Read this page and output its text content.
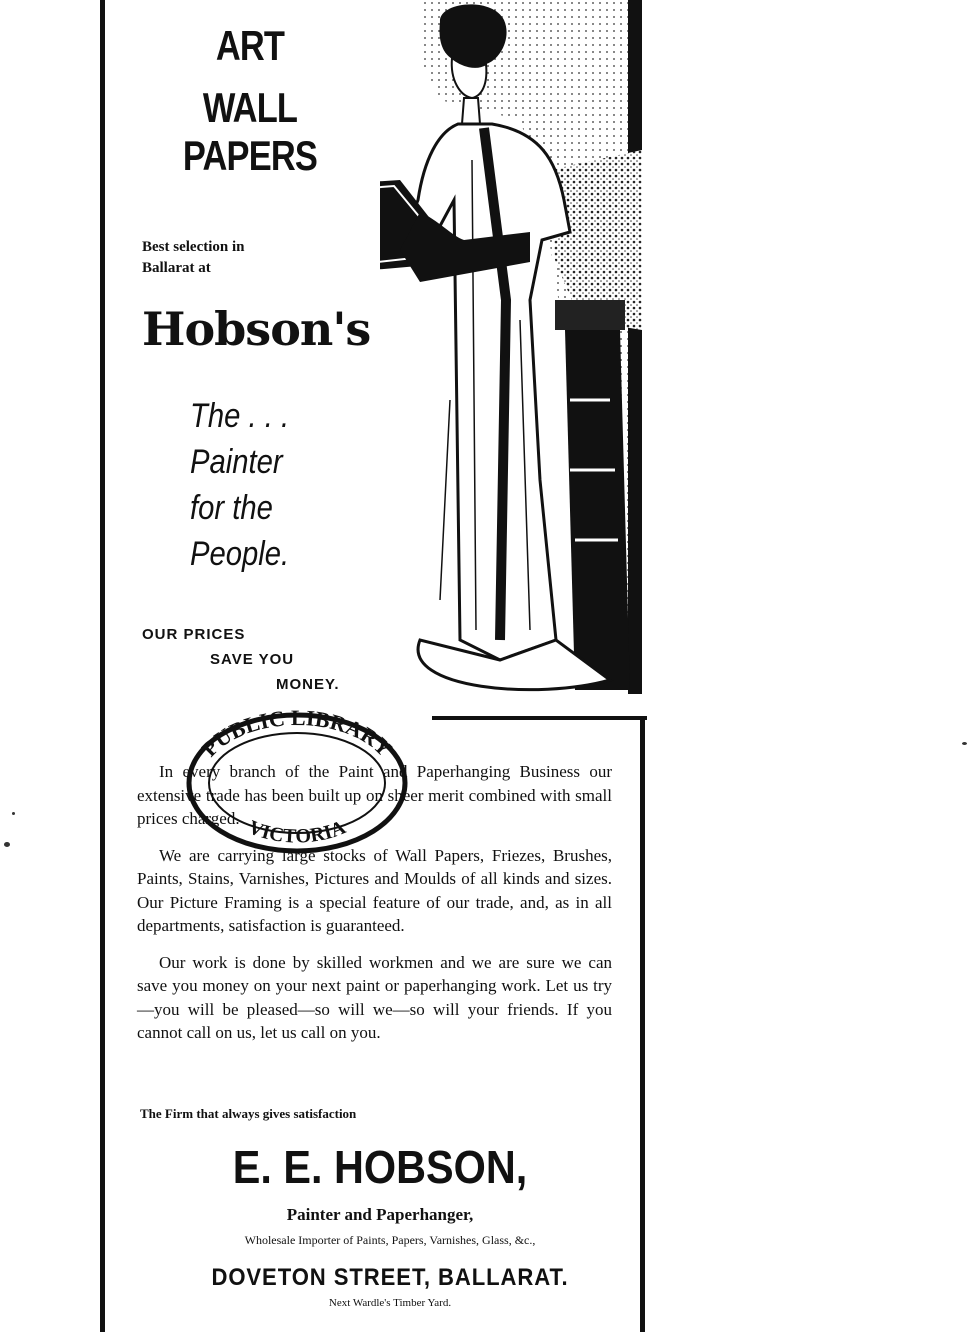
ART
WALL PAPERS
Best selection in
Ballarat at
Hobson's
The . . .
Painter
for the
People.
OUR PRICES
SAVE YOU
MONEY.
PUBLIC LIBRARY
VICTORIA

In every branch of the Paint and Paperhanging Business our extensive trade has been built up on sheer merit combined with small prices charged.

We are carrying large stocks of Wall Papers, Friezes, Brushes, Paints, Stains, Varnishes, Pictures and Moulds of all kinds and sizes. Our Picture Framing is a special feature of our trade, and, as in all departments, satisfaction is guaranteed.

Our work is done by skilled workmen and we are sure we can save you money on your next paint or paperhanging work. Let us try—you will be pleased—so will we—so will your friends. If you cannot call on us, let us call on you.

The Firm that always gives satisfaction
E. E. HOBSON,
Painter and Paperhanger,
Wholesale Importer of Paints, Papers, Varnishes, Glass, &c.,
DOVETON STREET, BALLARAT.
Next Wardle's Timber Yard.
